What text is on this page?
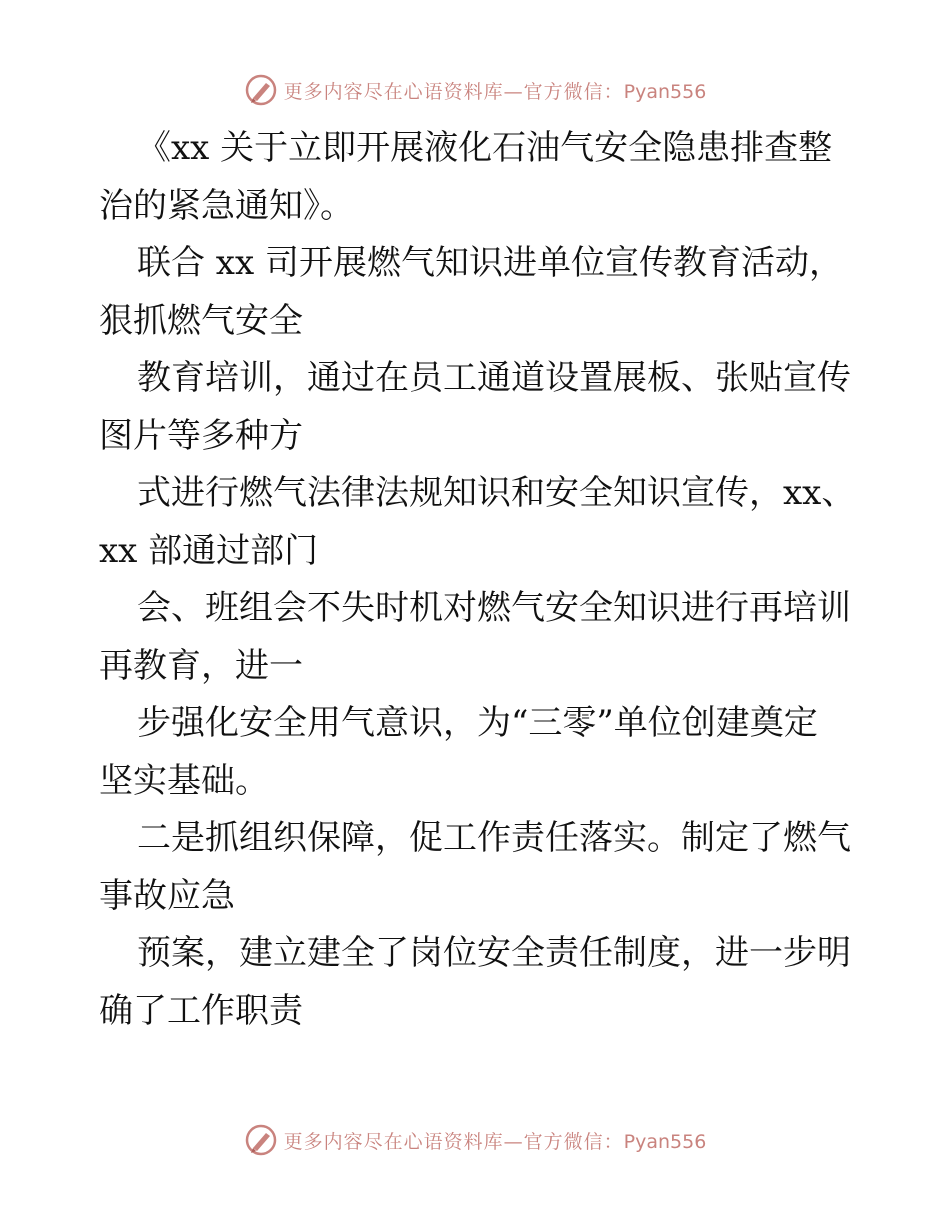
更多内容尽在心语资料库—官方微信：Pyan556
《xx 关于立即开展液化石油气安全隐患排查整
治的紧急通知》。
联合 xx 司开展燃气知识进单位宣传教育活动，
狠抓燃气安全
教育培训，通过在员工通道设置展板、张贴宣传
图片等多种方
式进行燃气法律法规知识和安全知识宣传，xx、
xx 部通过部门
会、班组会不失时机对燃气安全知识进行再培训
再教育，进一
步强化安全用气意识，为“三零”单位创建奠定
坚实基础。
二是抓组织保障，促工作责任落实。制定了燃气
事故应急
预案，建立建全了岗位安全责任制度，进一步明
确了工作职责
更多内容尽在心语资料库—官方微信：Pyan556
